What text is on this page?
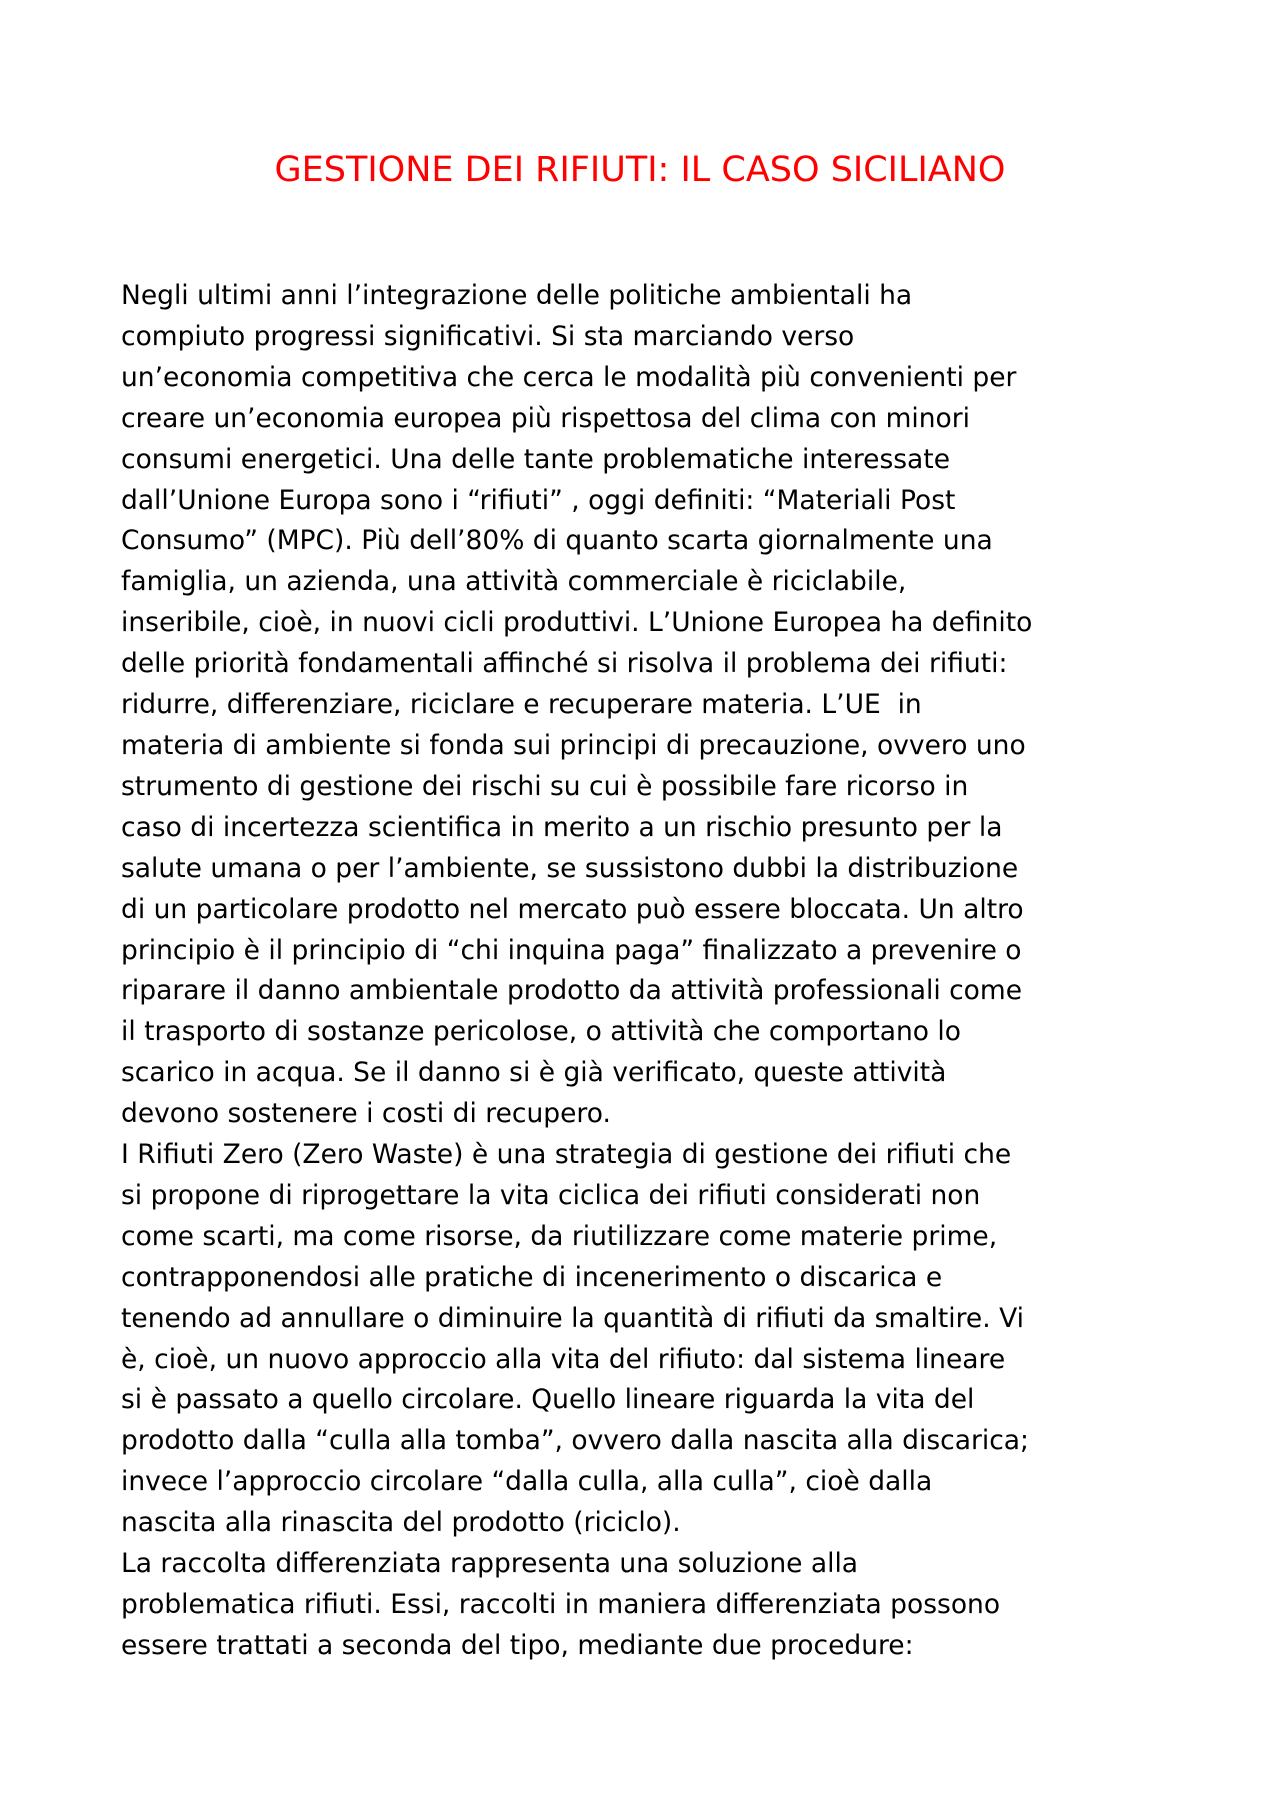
GESTIONE DEI RIFIUTI: IL CASO SICILIANO
Negli ultimi anni l’integrazione delle politiche ambientali ha
compiuto progressi significativi. Si sta marciando verso
un’economia competitiva che cerca le modalità più convenienti per
creare un’economia europea più rispettosa del clima con minori
consumi energetici. Una delle tante problematiche interessate
dall’Unione Europa sono i “rifiuti” , oggi definiti: “Materiali Post
Consumo” (MPC). Più dell’80% di quanto scarta giornalmente una
famiglia, un azienda, una attività commerciale è riciclabile,
inseribile, cioè, in nuovi cicli produttivi. L’Unione Europea ha definito
delle priorità fondamentali affinché si risolva il problema dei rifiuti:
ridurre, differenziare, riciclare e recuperare materia. L’UE  in
materia di ambiente si fonda sui principi di precauzione, ovvero uno
strumento di gestione dei rischi su cui è possibile fare ricorso in
caso di incertezza scientifica in merito a un rischio presunto per la
salute umana o per l’ambiente, se sussistono dubbi la distribuzione
di un particolare prodotto nel mercato può essere bloccata. Un altro
principio è il principio di “chi inquina paga” finalizzato a prevenire o
riparare il danno ambientale prodotto da attività professionali come
il trasporto di sostanze pericolose, o attività che comportano lo
scarico in acqua. Se il danno si è già verificato, queste attività
devono sostenere i costi di recupero.
I Rifiuti Zero (Zero Waste) è una strategia di gestione dei rifiuti che
si propone di riprogettare la vita ciclica dei rifiuti considerati non
come scarti, ma come risorse, da riutilizzare come materie prime,
contrapponendosi alle pratiche di incenerimento o discarica e
tenendo ad annullare o diminuire la quantità di rifiuti da smaltire. Vi
è, cioè, un nuovo approccio alla vita del rifiuto: dal sistema lineare
si è passato a quello circolare. Quello lineare riguarda la vita del
prodotto dalla “culla alla tomba”, ovvero dalla nascita alla discarica;
invece l’approccio circolare “dalla culla, alla culla”, cioè dalla
nascita alla rinascita del prodotto (riciclo).
La raccolta differenziata rappresenta una soluzione alla
problematica rifiuti. Essi, raccolti in maniera differenziata possono
essere trattati a seconda del tipo, mediante due procedure:
